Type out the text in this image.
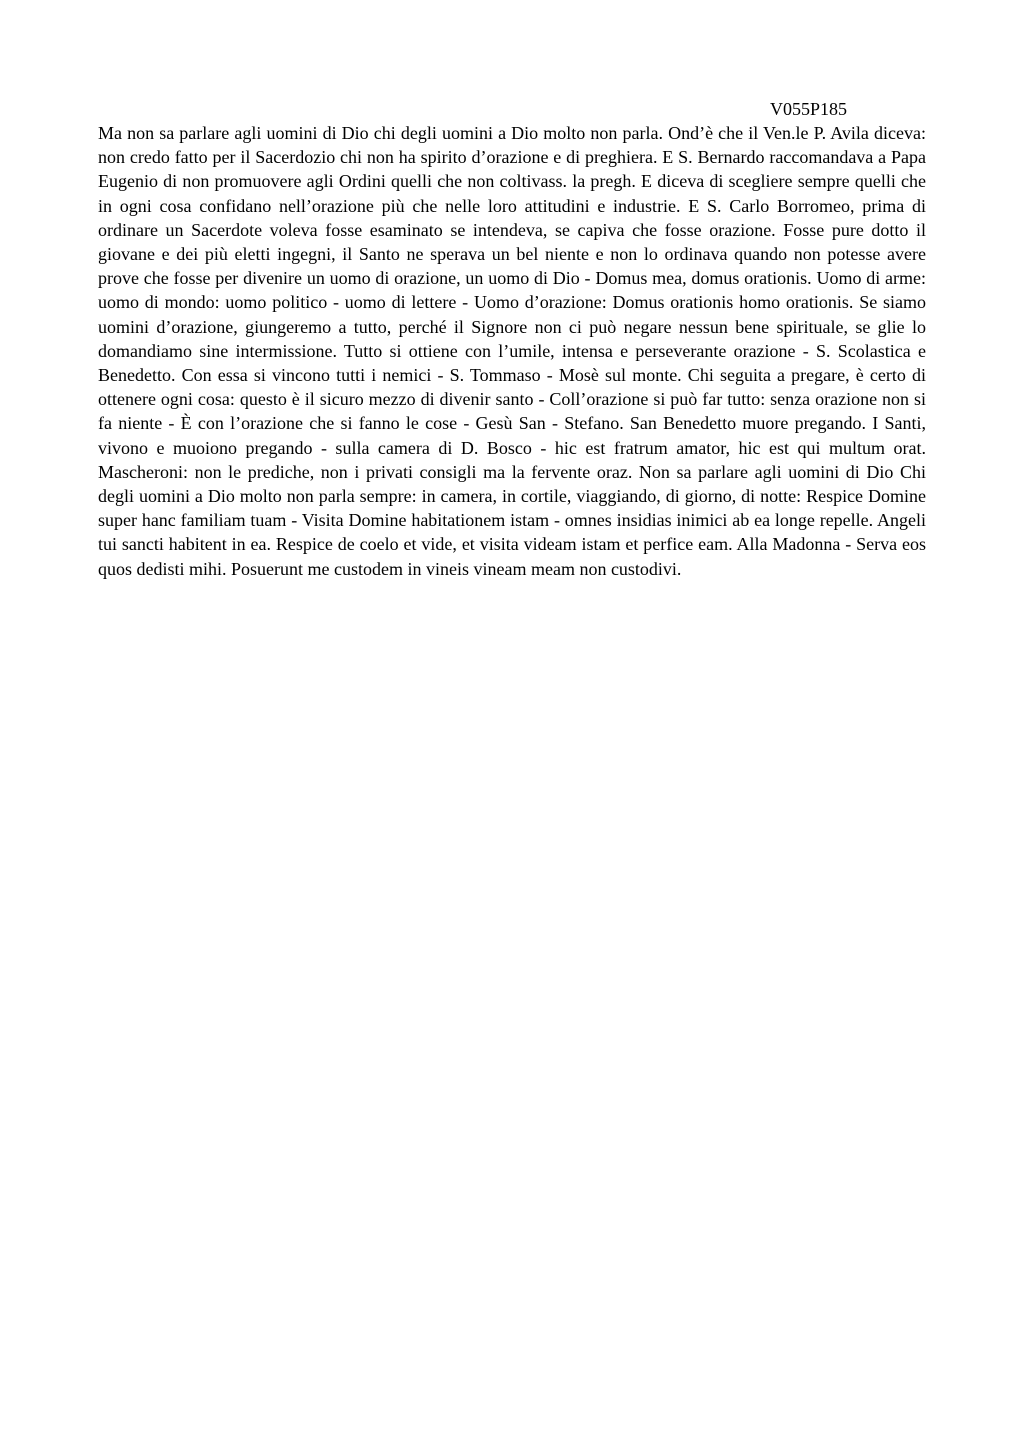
V055P185

Ma non sa parlare agli uomini di Dio chi degli uomini a Dio molto non parla. Ond’è che il Ven.le P. Avila diceva: non credo fatto per il Sacerdozio chi non ha spirito d’orazione e di preghiera. E S. Bernardo raccomandava a Papa Eugenio di non promuovere agli Ordini quelli che non coltivass. la pregh. E diceva di scegliere sempre quelli che in ogni cosa confidano nell’orazione più che nelle loro attitudini e industrie. E S. Carlo Borromeo, prima di ordinare un Sacerdote voleva fosse esaminato se intendeva, se capiva che fosse orazione. Fosse pure dotto il giovane e dei più eletti ingegni, il Santo ne sperava un bel niente e non lo ordinava quando non potesse avere prove che fosse per divenire un uomo di orazione, un uomo di Dio - Domus mea, domus orationis. Uomo di arme: uomo di mondo: uomo politico - uomo di lettere - Uomo d’orazione: Domus orationis homo orationis. Se siamo uomini d’orazione, giungeremo a tutto, perché il Signore non ci può negare nessun bene spirituale, se glie lo domandiamo sine intermissione. Tutto si ottiene con l’umile, intensa e perseverante orazione - S. Scolastica e Benedetto. Con essa si vincono tutti i nemici - S. Tommaso - Mosè sul monte. Chi seguita a pregare, è certo di ottenere ogni cosa: questo è il sicuro mezzo di divenir santo - Coll’orazione si può far tutto: senza orazione non si fa niente - È con l’orazione che si fanno le cose - Gesù San - Stefano. San Benedetto muore pregando. I Santi, vivono e muoiono pregando - sulla camera di D. Bosco - hic est fratrum amator, hic est qui multum orat. Mascheroni: non le prediche, non i privati consigli ma la fervente oraz. Non sa parlare agli uomini di Dio Chi degli uomini a Dio molto non parla sempre: in camera, in cortile, viaggiando, di giorno, di notte: Respice Domine super hanc familiam tuam - Visita Domine habitationem istam - omnes insidias inimici ab ea longe repelle. Angeli tui sancti habitent in ea. Respice de coelo et vide, et visita videam istam et perfice eam. Alla Madonna - Serva eos quos dedisti mihi. Posuerunt me custodem in vineis vineam meam non custodivi.
